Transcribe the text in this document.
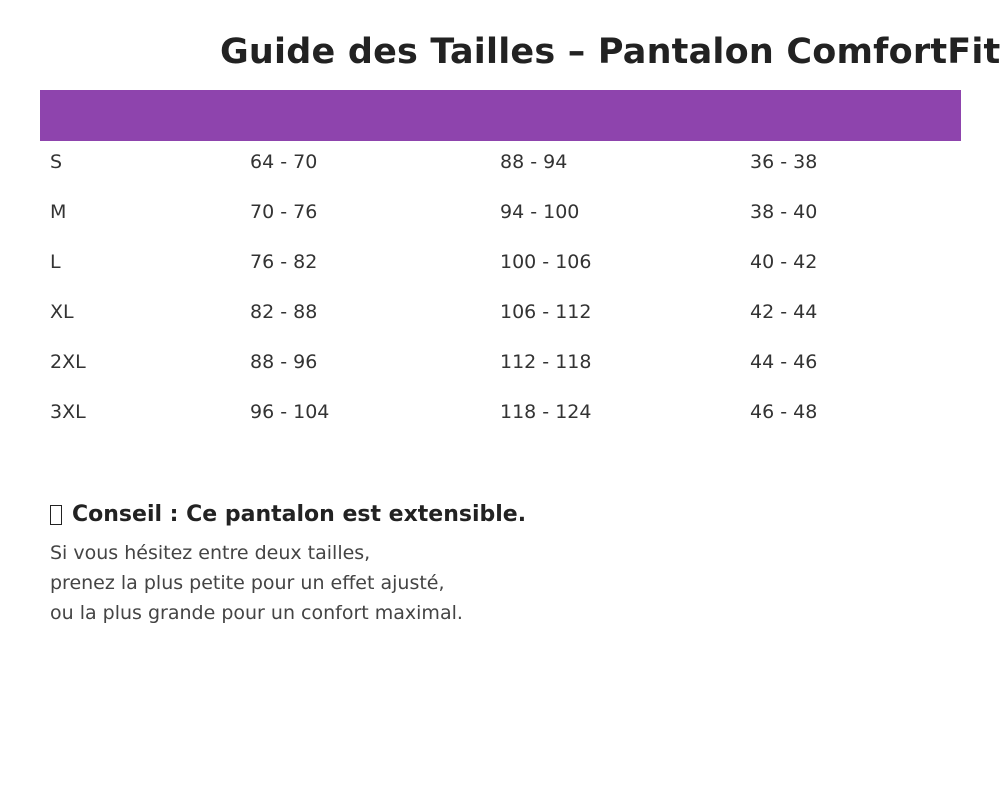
Guide des Tailles – Pantalon ComfortFit
S	64 - 70	88 - 94	36 - 38
M	70 - 76	94 - 100	38 - 40
L	76 - 82	100 - 106	40 - 42
XL	82 - 88	106 - 112	42 - 44
2XL	88 - 96	112 - 118	44 - 46
3XL	96 - 104	118 - 124	46 - 48
Conseil : Ce pantalon est extensible.
Si vous hésitez entre deux tailles,
prenez la plus petite pour un effet ajusté,
ou la plus grande pour un confort maximal.
